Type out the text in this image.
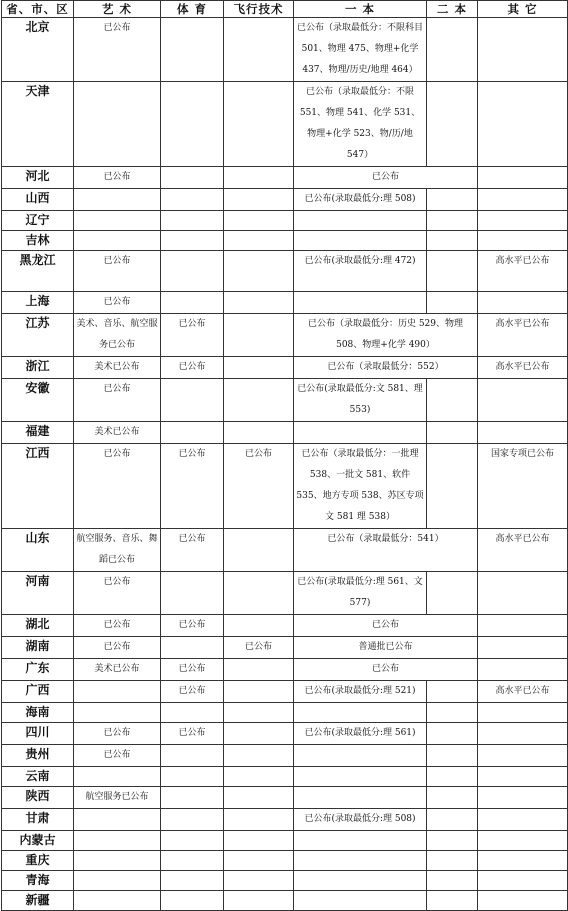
省、市、区	艺 术	体 育	飞行技术	一 本	二 本	其 它
北京	已公布			已公布（录取最低分：不限科目 501、物理 475、物理+化学 437、物理/历史/地理 464）		
天津				已公布（录取最低分：不限 551、物理 541、化学 531、物理+化学 523、物/历/地 547）		
河北	已公布			已公布		
山西				已公布(录取最低分:理 508)		
辽宁						
吉林						
黑龙江	已公布			已公布(录取最低分:理 472)		高水平已公布
上海	已公布					
江苏	美术、音乐、航空服务已公布	已公布		已公布（录取最低分：历史 529、物理 508、物理+化学 490）		高水平已公布
浙江	美术已公布	已公布		已公布（录取最低分：552）		高水平已公布
安徽	已公布			已公布(录取最低分:文 581、理 553)		
福建	美术已公布					
江西	已公布	已公布	已公布	已公布（录取最低分：一批理 538、一批文 581、软件 535、地方专项 538、苏区专项文 581 理 538）		国家专项已公布
山东	航空服务、音乐、舞蹈已公布	已公布		已公布（录取最低分：541）		高水平已公布
河南	已公布			已公布(录取最低分:理 561、文 577)		
湖北	已公布	已公布		已公布		
湖南	已公布		已公布	普通批已公布		
广东	美术已公布	已公布		已公布		
广西		已公布		已公布(录取最低分:理 521)		高水平已公布
海南						
四川	已公布	已公布		已公布(录取最低分:理 561)		
贵州	已公布					
云南						
陕西	航空服务已公布					
甘肃				已公布(录取最低分:理 508)		
内蒙古						
重庆						
青海						
新疆						
